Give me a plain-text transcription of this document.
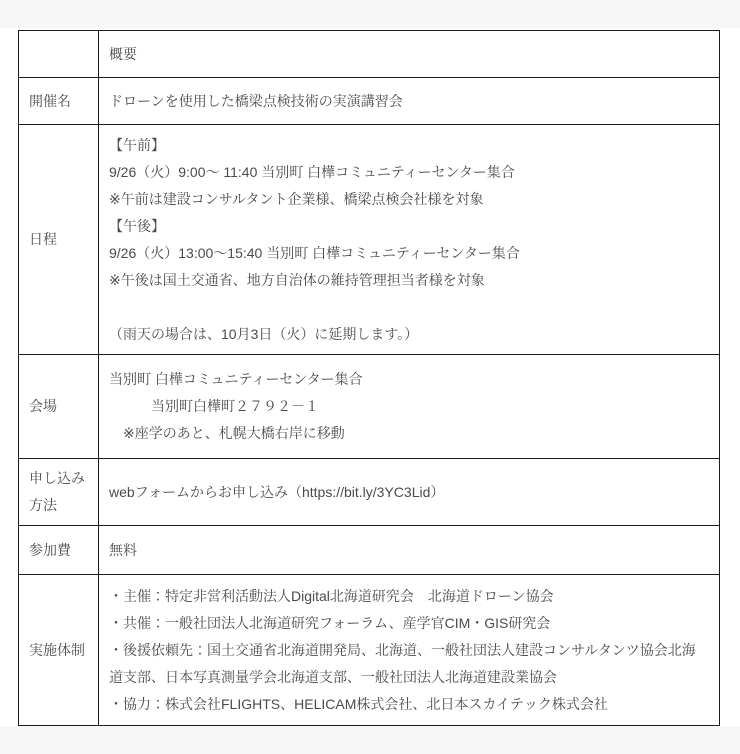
	概要

開催名	ドローンを使用した橋梁点検技術の実演講習会

日程	
【午前】
9/26（火）9:00～ 11:40 当別町 白樺コミュニティーセンター集合
※午前は建設コンサルタント企業様、橋梁点検会社様を対象
【午後】
9/26（火）13:00～15:40 当別町 白樺コミュニティーセンター集合
※午後は国土交通省、地方自治体の維持管理担当者様を対象
（雨天の場合は、10月3日（火）に延期します。）

会場	当別町 白樺コミュニティーセンター集合
　　　当別町白樺町２７９２－１
　※座学のあと、札幌大橋右岸に移動

申し込み方法	webフォームからお申し込み（https://bit.ly/3YC3Lid）

参加費	無料

実施体制	・主催：特定非営利活動法人Digital北海道研究会　北海道ドローン協会
・共催：一般社団法人北海道研究フォーラム、産学官CIM・GIS研究会
・後援依頼先：国土交通省北海道開発局、北海道、一般社団法人建設コンサルタンツ協会北海道支部、日本写真測量学会北海道支部、一般社団法人北海道建設業協会
・協力：株式会社FLIGHTS、HELICAM株式会社、北日本スカイテック株式会社
